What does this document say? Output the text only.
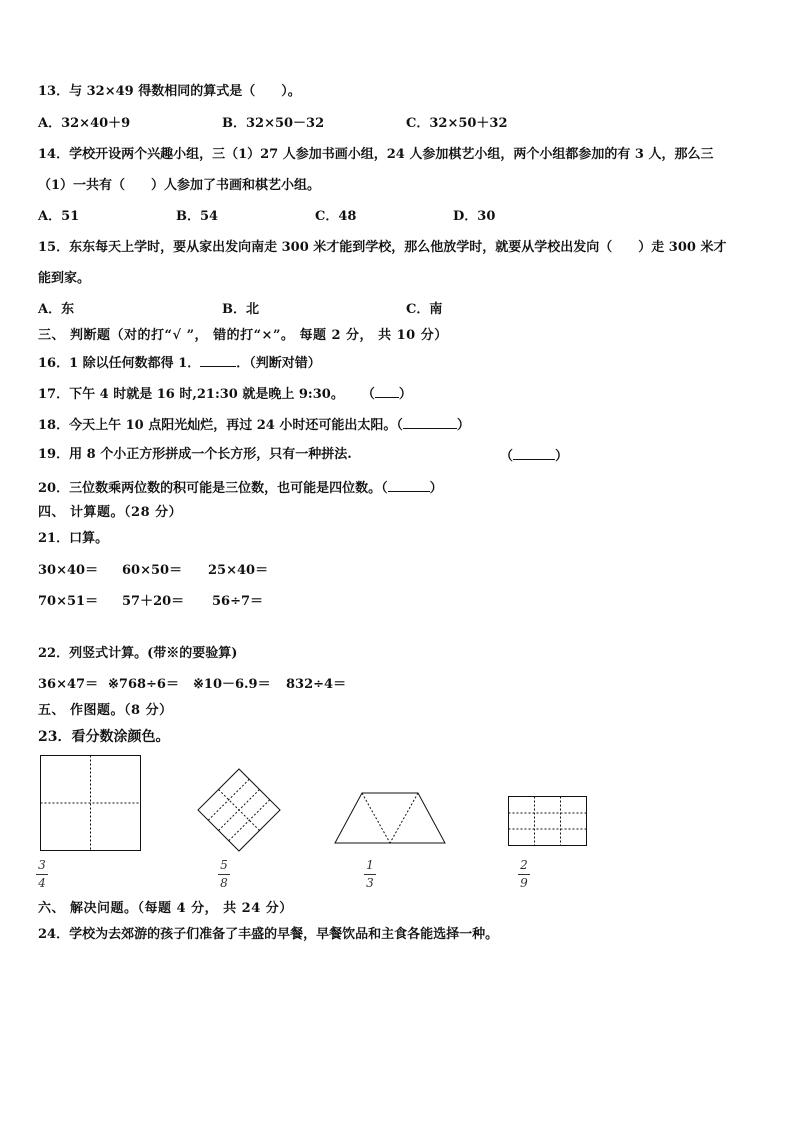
13．与 32×49 得数相同的算式是（　　）。
A．32×40＋9	B．32×50－32	C．32×50＋32
14．学校开设两个兴趣小组，三（1）27 人参加书画小组，24 人参加棋艺小组，两个小组都参加的有 3 人，那么三
（1）一共有（　　）人参加了书画和棋艺小组。
A．51	B．54	C．48	D．30
15．东东每天上学时，要从家出发向南走 300 米才能到学校，那么他放学时，就要从学校出发向（　　）走 300 米才
能到家。
A．东	B．北	C．南
三、 判断题（对的打“√ ”， 错的打“×”。 每题 2 分， 共 10 分）
16．1 除以任何数都得 1．	．（判断对错）
17．下午 4 时就是 16 时,21:30 就是晚上 9:30。 （ ）
18．今天上午 10 点阳光灿烂，再过 24 小时还可能出太阳。（	）
19．用 8 个小正方形拼成一个长方形，只有一种拼法.	（	）
20．三位数乘两位数的积可能是三位数，也可能是四位数。（	）
四、 计算题。（28 分）
21．口算。
30×40＝ 60×50＝ 25×40＝
70×51＝ 57＋20＝ 56÷7＝
22．列竖式计算。(带※的要验算)
36×47＝ ※768÷6＝ ※10－6.9＝ 832÷4＝
五、 作图题。（8 分）
23．看分数涂颜色。
3
4
5
8
1
3
2
9
六、 解决问题。（每题 4 分， 共 24 分）
24．学校为去郊游的孩子们准备了丰盛的早餐，早餐饮品和主食各能选择一种。
